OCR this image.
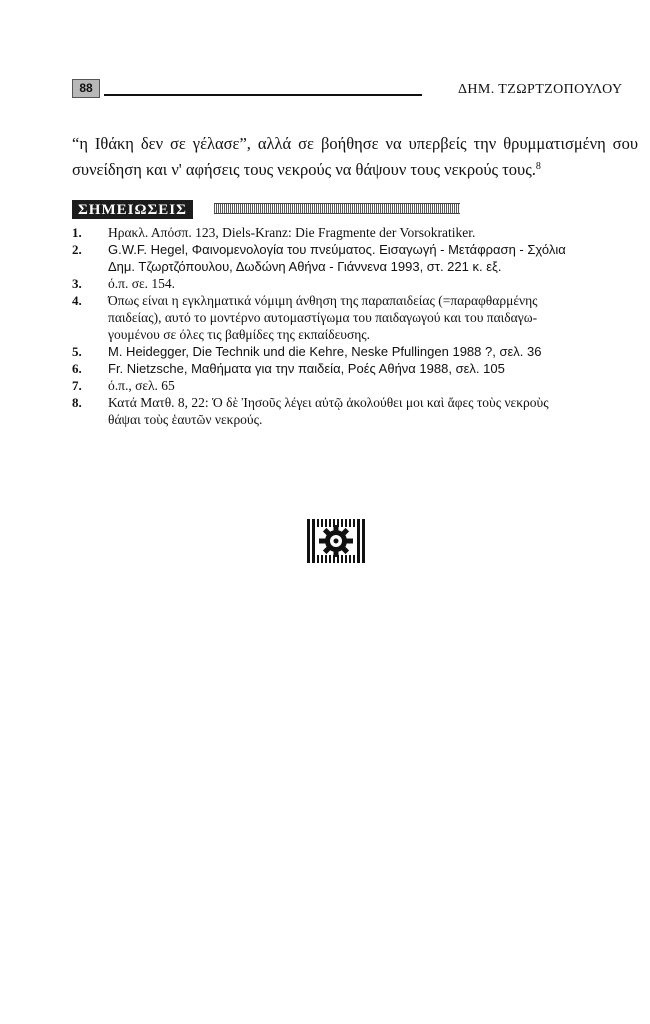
88	ΔΗΜ. ΤΖΩΡΤΖΟΠΟΥΛΟΥ

“η Ιθάκη δεν σε γέλασε”, αλλά σε βοήθησε να υπερβείς την θρυμματισμένη σου
συνείδηση και ν' αφήσεις τους νεκρούς να θάψουν τους νεκρούς τους.$^8$

ΣΗΜΕΙΩΣΕΙΣ
1.	Ηρακλ. Απόσπ. 123, Diels-Kranz: Die Fragmente der Vorsokratiker.
2.	G.W.F. Hegel, Φαινομενολογία του πνεύματος. Εισαγωγή - Μετάφραση - Σχόλια
Δημ. Τζωρτζόπουλου, Δωδώνη Αθήνα - Γιάννενα 1993, στ. 221 κ. εξ.
3.	ό.π. σε. 154.
4.	Όπως είναι η εγκληματικά νόμιμη άνθηση της παραπαιδείας (=παραφθαρμένης
παιδείας), αυτό το μοντέρνο αυτομαστίγωμα του παιδαγωγού και του παιδαγω-
γουμένου σε όλες τις βαθμίδες της εκπαίδευσης.
5.	M. Heidegger, Die Technik und die Kehre, Neske Pfullingen 1988 ?, σελ. 36
6.	Fr. Nietzsche, Μαθήματα για την παιδεία, Ροές Αθήνα 1988, σελ. 105
7.	ό.π., σελ. 65
8.	Κατά Ματθ. 8, 22: Ὁ δὲ Ἰησοῦς λέγει αὐτῷ ἀκολούθει μοι καὶ ἄφες τοὺς νεκροὺς
θάψαι τοὺς ἑαυτῶν νεκρούς.
